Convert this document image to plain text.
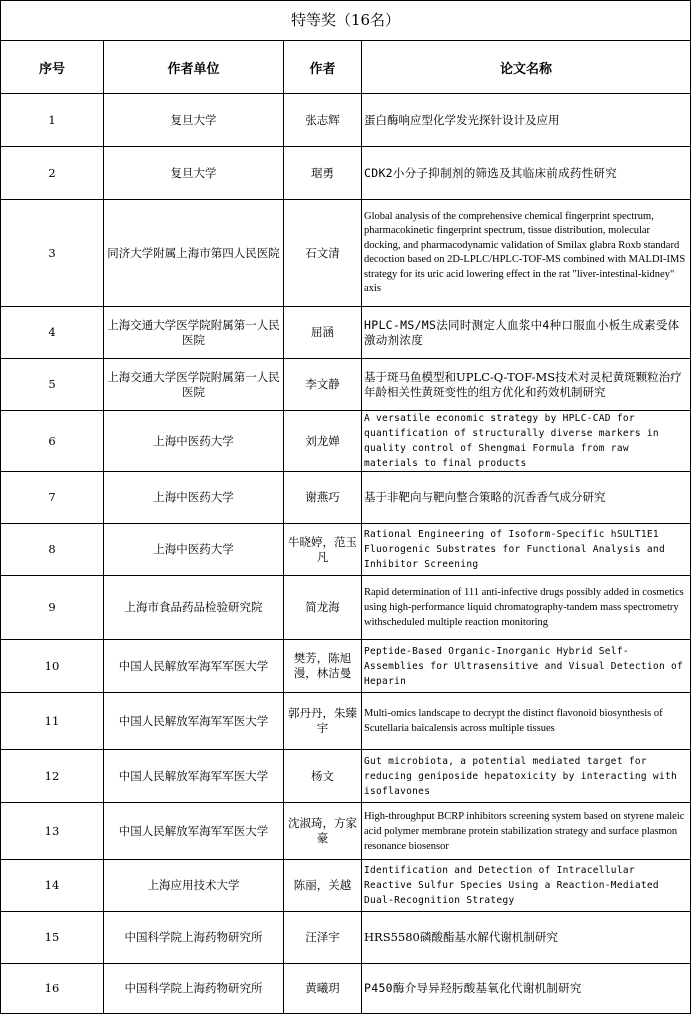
特等奖（16名）			
序号	作者单位	作者	论文名称
1	复旦大学	张志辉	蛋白酶响应型化学发光探针设计及应用
2	复旦大学	琚勇	CDK2小分子抑制剂的筛选及其临床前成药性研究
3	同济大学附属上海市第四人民医院	石文清	Global analysis of the comprehensive chemical fingerprint spectrum, pharmacokinetic fingerprint spectrum, tissue distribution, molecular docking, and pharmacodynamic validation of Smilax glabra Roxb standard decoction based on 2D-LPLC/HPLC-TOF-MS combined with MALDI-IMS strategy for its uric acid lowering effect in the rat "liver-intestinal-kidney" axis
4	上海交通大学医学院附属第一人民医院	屈涵	HPLC-MS/MS法同时测定人血浆中4种口服血小板生成素受体激动剂浓度
5	上海交通大学医学院附属第一人民医院	李文静	基于斑马鱼模型和UPLC-Q-TOF-MS技术对灵杞黄斑颗粒治疗年龄相关性黄斑变性的组方优化和药效机制研究
6	上海中医药大学	刘龙婵	A versatile economic strategy by HPLC-CAD for quantification of structurally diverse markers in quality control of Shengmai Formula from raw materials to final products
7	上海中医药大学	谢燕巧	基于非靶向与靶向整合策略的沉香香气成分研究
8	上海中医药大学	牛晓婷，范玉凡	Rational Engineering of Isoform-Specific hSULT1E1 Fluorogenic Substrates for Functional Analysis and Inhibitor Screening
9	上海市食品药品检验研究院	简龙海	Rapid determination of 111 anti-infective drugs possibly added in cosmetics using high-performance liquid chromatography-tandem mass spectrometry withscheduled multiple reaction monitoring
10	中国人民解放军海军军医大学	樊芳，陈旭漫，林洁曼	Peptide-Based Organic-Inorganic Hybrid Self-Assemblies for Ultrasensitive and Visual Detection of Heparin
11	中国人民解放军海军军医大学	郭丹丹，朱臻宇	Multi-omics landscape to decrypt the distinct flavonoid biosynthesis of Scutellaria baicalensis across multiple tissues
12	中国人民解放军海军军医大学	杨文	Gut microbiota, a potential mediated target for reducing geniposide hepatoxicity by interacting with isoflavones
13	中国人民解放军海军军医大学	沈淑琦，方家豪	High-throughput BCRP inhibitors screening system based on styrene maleic acid polymer membrane protein stabilization strategy and surface plasmon resonance biosensor
14	上海应用技术大学	陈丽，关越	Identification and Detection of Intracellular Reactive Sulfur Species Using a Reaction-Mediated Dual-Recognition Strategy
15	中国科学院上海药物研究所	汪泽宇	HRS5580磷酸酯基水解代谢机制研究
16	中国科学院上海药物研究所	黄曦玥	P450酶介导异羟肟酸基氧化代谢机制研究
